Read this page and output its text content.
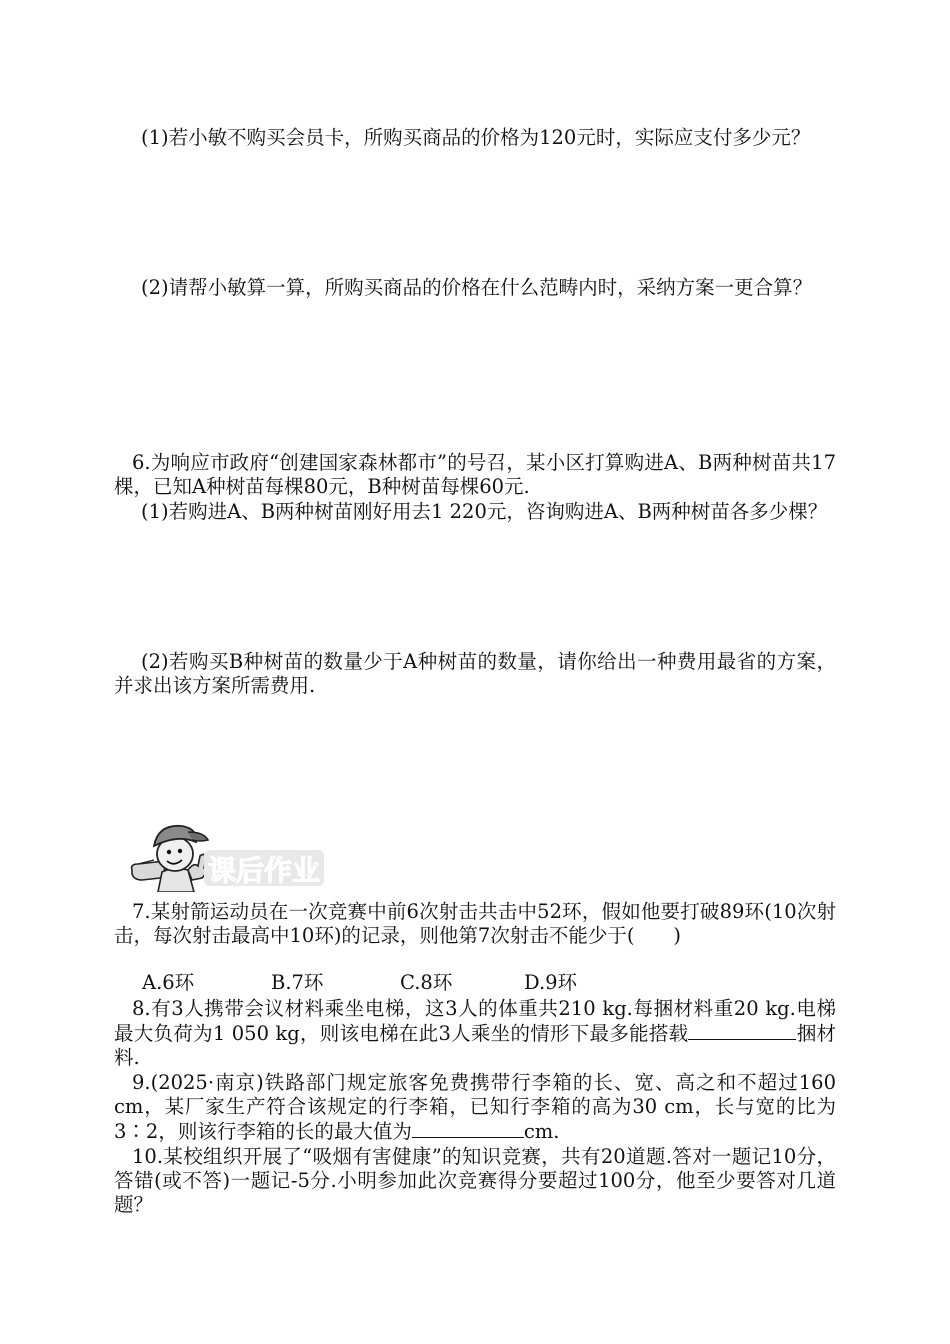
(1)若小敏不购买会员卡，所购买商品的价格为120元时，实际应支付多少元？

(2)请帮小敏算一算，所购买商品的价格在什么范畴内时，采纳方案一更合算？

6.为响应市政府“创建国家森林都市”的号召，某小区打算购进A、B两种树苗共17棵，已知A种树苗每棵80元，B种树苗每棵60元.

(1)若购进A、B两种树苗刚好用去1 220元，咨询购进A、B两种树苗各多少棵？

(2)若购买B种树苗的数量少于A种树苗的数量，请你给出一种费用最省的方案，并求出该方案所需费用.

课后作业

7.某射箭运动员在一次竞赛中前6次射击共击中52环，假如他要打破89环(10次射击，每次射击最高中10环)的记录，则他第7次射击不能少于(　　)

A.6环	B.7环	C.8环	D.9环

8.有3人携带会议材料乘坐电梯，这3人的体重共210 kg.每捆材料重20 kg.电梯最大负荷为1 050 kg，则该电梯在此3人乘坐的情形下最多能搭载	捆材料.

9.(2025·南京)铁路部门规定旅客免费携带行李箱的长、宽、高之和不超过160 cm，某厂家生产符合该规定的行李箱，已知行李箱的高为30 cm，长与宽的比为3∶2，则该行李箱的长的最大值为	cm.

10.某校组织开展了“吸烟有害健康”的知识竞赛，共有20道题.答对一题记10分，答错(或不答)一题记-5分.小明参加此次竞赛得分要超过100分，他至少要答对几道题？
